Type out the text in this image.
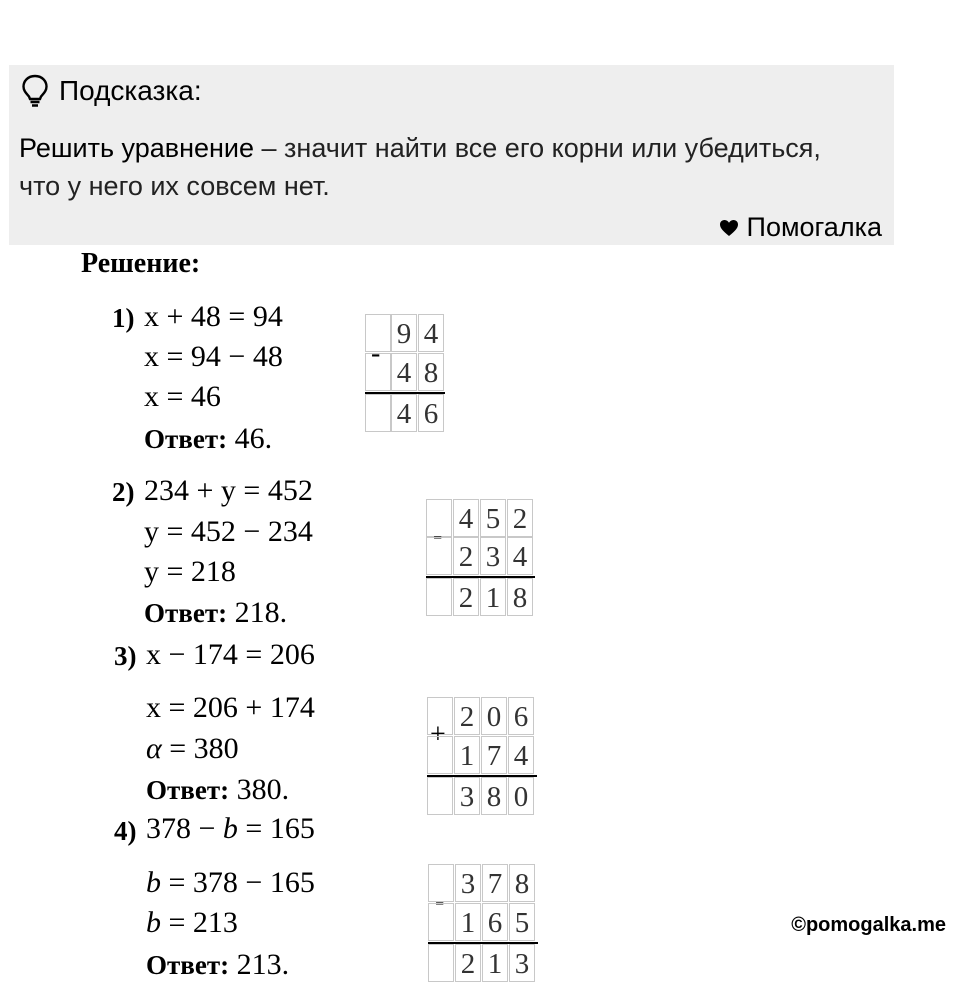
Подсказка:
Решить уравнение – значит найти все его корни или убедиться,
что у него их совсем нет.
Помогалка
Решение:
1) x + 48 = 94
x = 94 − 48
x = 46
Ответ: 46.
-
9 4
4 8
4 6
2) 234 + y = 452
y = 452 − 234
y = 218
Ответ: 218.
4 5 2
-
2 3 4
2 1 8
3) x − 174 = 206
x = 206 + 174
α = 380
Ответ: 380.
2 0 6
+
1 7 4
3 8 0
4) 378 − b = 165
b = 378 − 165
b = 213
Ответ: 213.
3 7 8
-
1 6 5
2 1 3
©pomogalka.me
